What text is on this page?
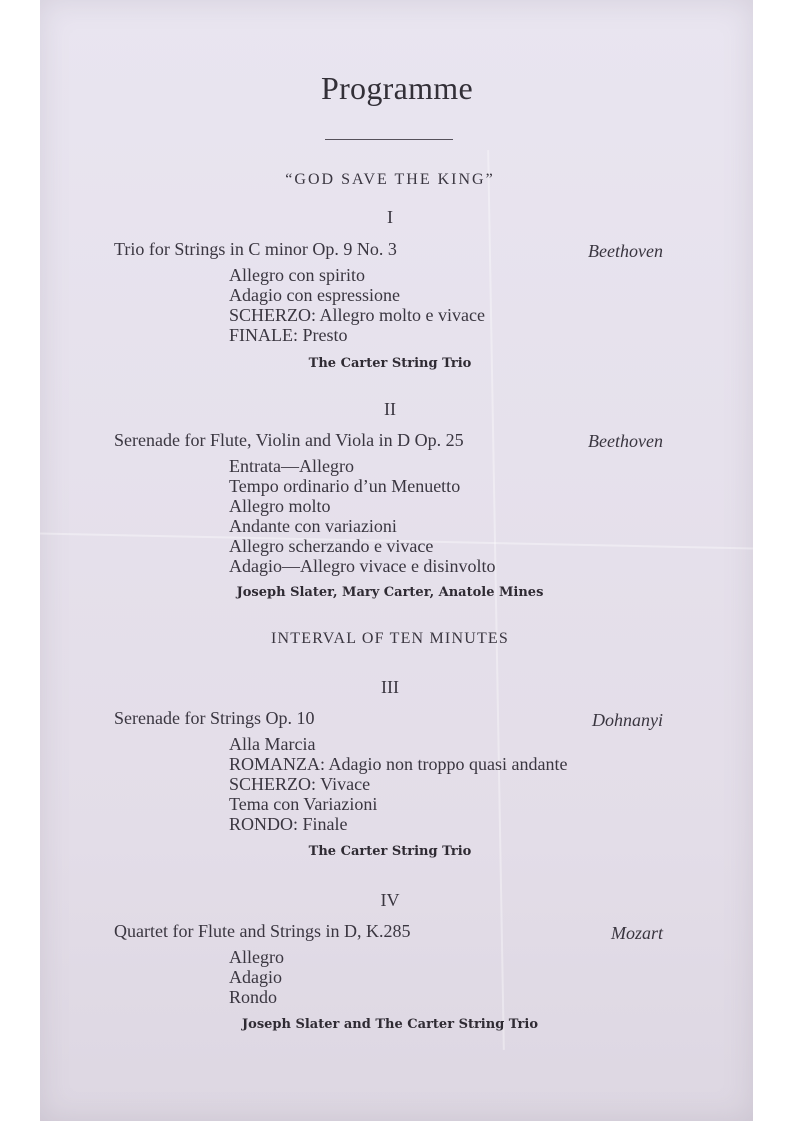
Programme
“GOD SAVE THE KING”
I
Trio for Strings in C minor Op. 9 No. 3	Beethoven
Allegro con spirito
Adagio con espressione
SCHERZO: Allegro molto e vivace
FINALE: Presto
The Carter String Trio
II
Serenade for Flute, Violin and Viola in D Op. 25	Beethoven
Entrata—Allegro
Tempo ordinario d’un Menuetto
Allegro molto
Andante con variazioni
Allegro scherzando e vivace
Adagio—Allegro vivace e disinvolto
Joseph Slater, Mary Carter, Anatole Mines
INTERVAL OF TEN MINUTES
III
Serenade for Strings Op. 10	Dohnanyi
Alla Marcia
ROMANZA: Adagio non troppo quasi andante
SCHERZO: Vivace
Tema con Variazioni
RONDO: Finale
The Carter String Trio
IV
Quartet for Flute and Strings in D, K.285	Mozart
Allegro
Adagio
Rondo
Joseph Slater and The Carter String Trio
